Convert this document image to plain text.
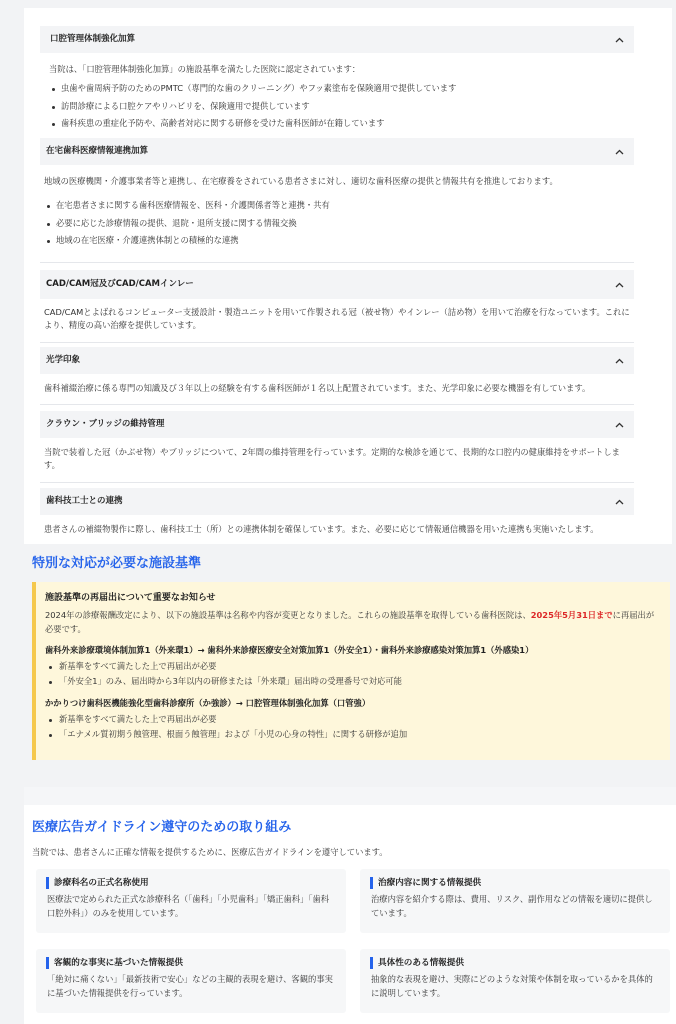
口腔管理体制強化加算

当院は、「口腔管理体制強化加算」の施設基準を満たした医院に認定されています：

虫歯や歯周病予防のためのPMTC（専門的な歯のクリーニング）やフッ素塗布を保険適用で提供しています
訪問診療による口腔ケアやリハビリを、保険適用で提供しています
歯科疾患の重症化予防や、高齢者対応に関する研修を受けた歯科医師が在籍しています
在宅歯科医療情報連携加算

地域の医療機関・介護事業者等と連携し、在宅療養をされている患者さまに対し、適切な歯科医療の提供と情報共有を推進しております。

在宅患者さまに関する歯科医療情報を、医科・介護関係者等と連携・共有
必要に応じた診療情報の提供、退院・退所支援に関する情報交換
地域の在宅医療・介護連携体制との積極的な連携
CAD/CAM冠及びCAD/CAMインレー

CAD/CAMとよばれるコンピューター支援設計・製造ユニットを用いて作製される冠（被せ物）やインレー（詰め物）を用いて治療を行なっています。これにより、精度の高い治療を提供しています。

光学印象

歯科補綴治療に係る専門の知識及び３年以上の経験を有する歯科医師が１名以上配置されています。また、光学印象に必要な機器を有しています。

クラウン・ブリッジの維持管理

当院で装着した冠（かぶせ物）やブリッジについて、2年間の維持管理を行っています。定期的な検診を通じて、長期的な口腔内の健康維持をサポートします。

歯科技工士との連携

患者さんの補綴物製作に際し、歯科技工士（所）との連携体制を確保しています。また、必要に応じて情報通信機器を用いた連携も実施いたします。

特別な対応が必要な施設基準
施設基準の再届出について重要なお知らせ

2024年の診療報酬改定により、以下の施設基準は名称や内容が変更となりました。これらの施設基準を取得している歯科医院は、2025年5月31日までに再届出が必要です。

歯科外来診療環境体制加算1（外来環1）→ 歯科外来診療医療安全対策加算1（外安全1）・歯科外来診療感染対策加算1（外感染1）
新基準をすべて満たした上で再届出が必要
「外安全1」のみ、届出時から3年以内の研修または「外来環」届出時の受理番号で対応可能
かかりつけ歯科医機能強化型歯科診療所（か強診）→ 口腔管理体制強化加算（口管強）
新基準をすべて満たした上で再届出が必要
「エナメル質初期う蝕管理、根面う蝕管理」および「小児の心身の特性」に関する研修が追加
医療広告ガイドライン遵守のための取り組み
当院では、患者さんに正確な情報を提供するために、医療広告ガイドラインを遵守しています。
診療科名の正式名称使用
医療法で定められた正式な診療科名（「歯科」「小児歯科」「矯正歯科」「歯科口腔外科」）のみを使用しています。
治療内容に関する情報提供
治療内容を紹介する際は、費用、リスク、副作用などの情報を適切に提供しています。
客観的な事実に基づいた情報提供
「絶対に痛くない」「最新技術で安心」などの主観的表現を避け、客観的事実に基づいた情報提供を行っています。
具体性のある情報提供
抽象的な表現を避け、実際にどのような対策や体制を取っているかを具体的に説明しています。
